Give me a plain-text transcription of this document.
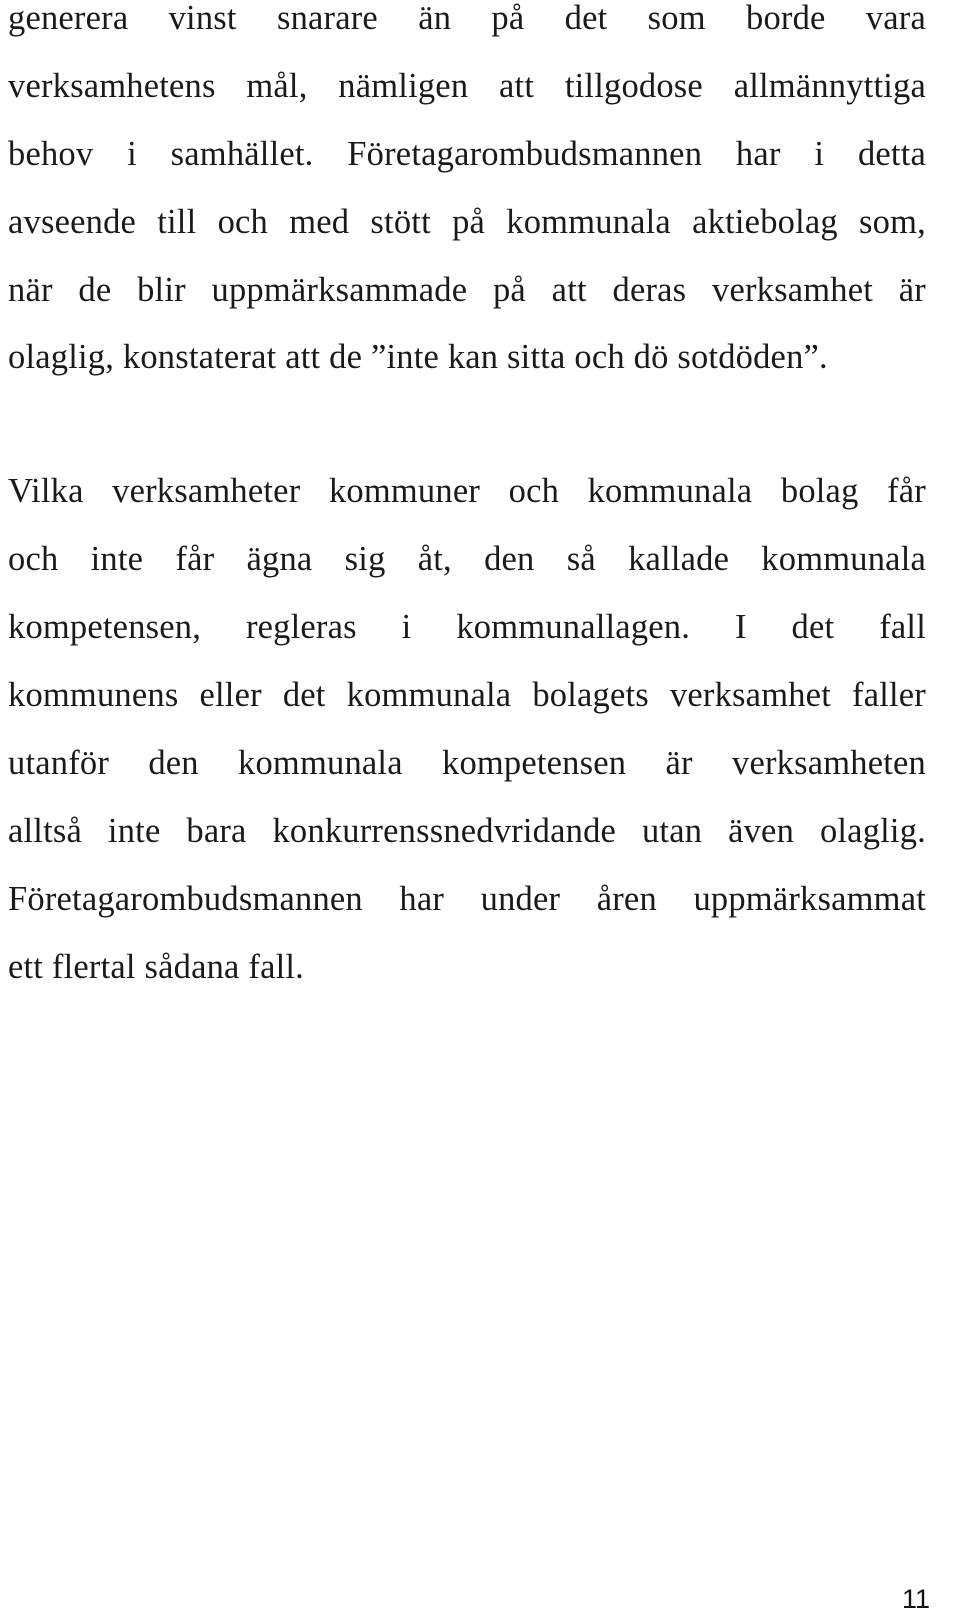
generera vinst snarare än på det som borde vara
verksamhetens mål, nämligen att tillgodose allmännyttiga
behov i samhället. Företagarombudsmannen har i detta
avseende till och med stött på kommunala aktiebolag som,
när de blir uppmärksammade på att deras verksamhet är
olaglig, konstaterat att de ”inte kan sitta och dö sotdöden”.
Vilka verksamheter kommuner och kommunala bolag får
och inte får ägna sig åt, den så kallade kommunala
kompetensen, regleras i kommunallagen. I det fall
kommunens eller det kommunala bolagets verksamhet faller
utanför den kommunala kompetensen är verksamheten
alltså inte bara konkurrenssnedvridande utan även olaglig.
Företagarombudsmannen har under åren uppmärksammat
ett flertal sådana fall.
11
